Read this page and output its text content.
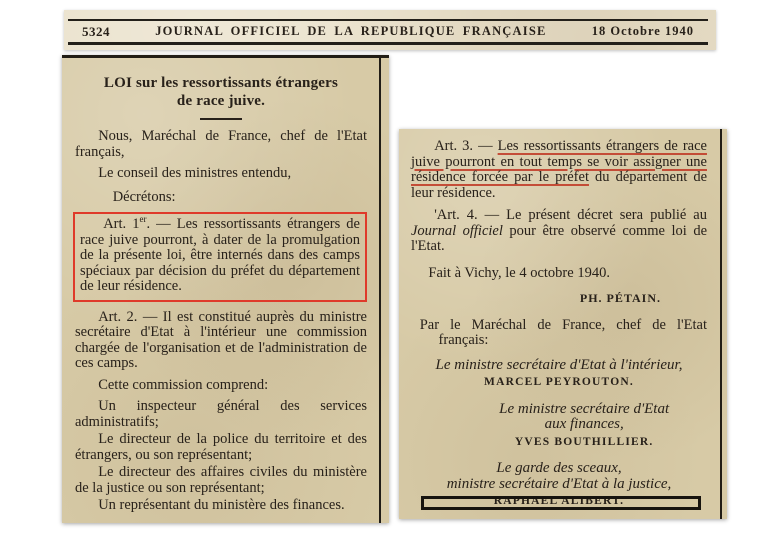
5324	JOURNAL OFFICIEL DE LA REPUBLIQUE FRANÇAISE	18 Octobre 1940
LOI sur les ressortissants étrangers
de race juive.

Nous, Maréchal de France, chef de l'Etat français,

Le conseil des ministres entendu,

Décrétons:

Art. 1er. — Les ressortissants étrangers de race juive pourront, à dater de la promulgation de la présente loi, être internés dans des camps spéciaux par décision du préfet du département de leur résidence.

Art. 2. — Il est constitué auprès du ministre secrétaire d'Etat à l'intérieur une commission chargée de l'organisation et de l'administration de ces camps.

Cette commission comprend:

Un inspecteur général des services administratifs;

Le directeur de la police du territoire et des étrangers, ou son représentant;

Le directeur des affaires civiles du ministère de la justice ou son représentant;

Un représentant du ministère des finances.

Art. 3. — Les ressortissants étrangers de race juive pourront en tout temps se voir assigner une résidence forcée par le préfet du département de leur résidence.

'Art. 4. — Le présent décret sera publié au Journal officiel pour être observé comme loi de l'Etat.

Fait à Vichy, le 4 octobre 1940.

PH. PÉTAIN.

Par le Maréchal de France, chef de l'Etat français:

Le ministre secrétaire d'Etat à l'intérieur,

MARCEL PEYROUTON.

Le ministre secrétaire d'Etat
aux finances,

YVES BOUTHILLIER.

Le garde des sceaux,
ministre secrétaire d'Etat à la justice,

RAPHAEL ALIBERT.
